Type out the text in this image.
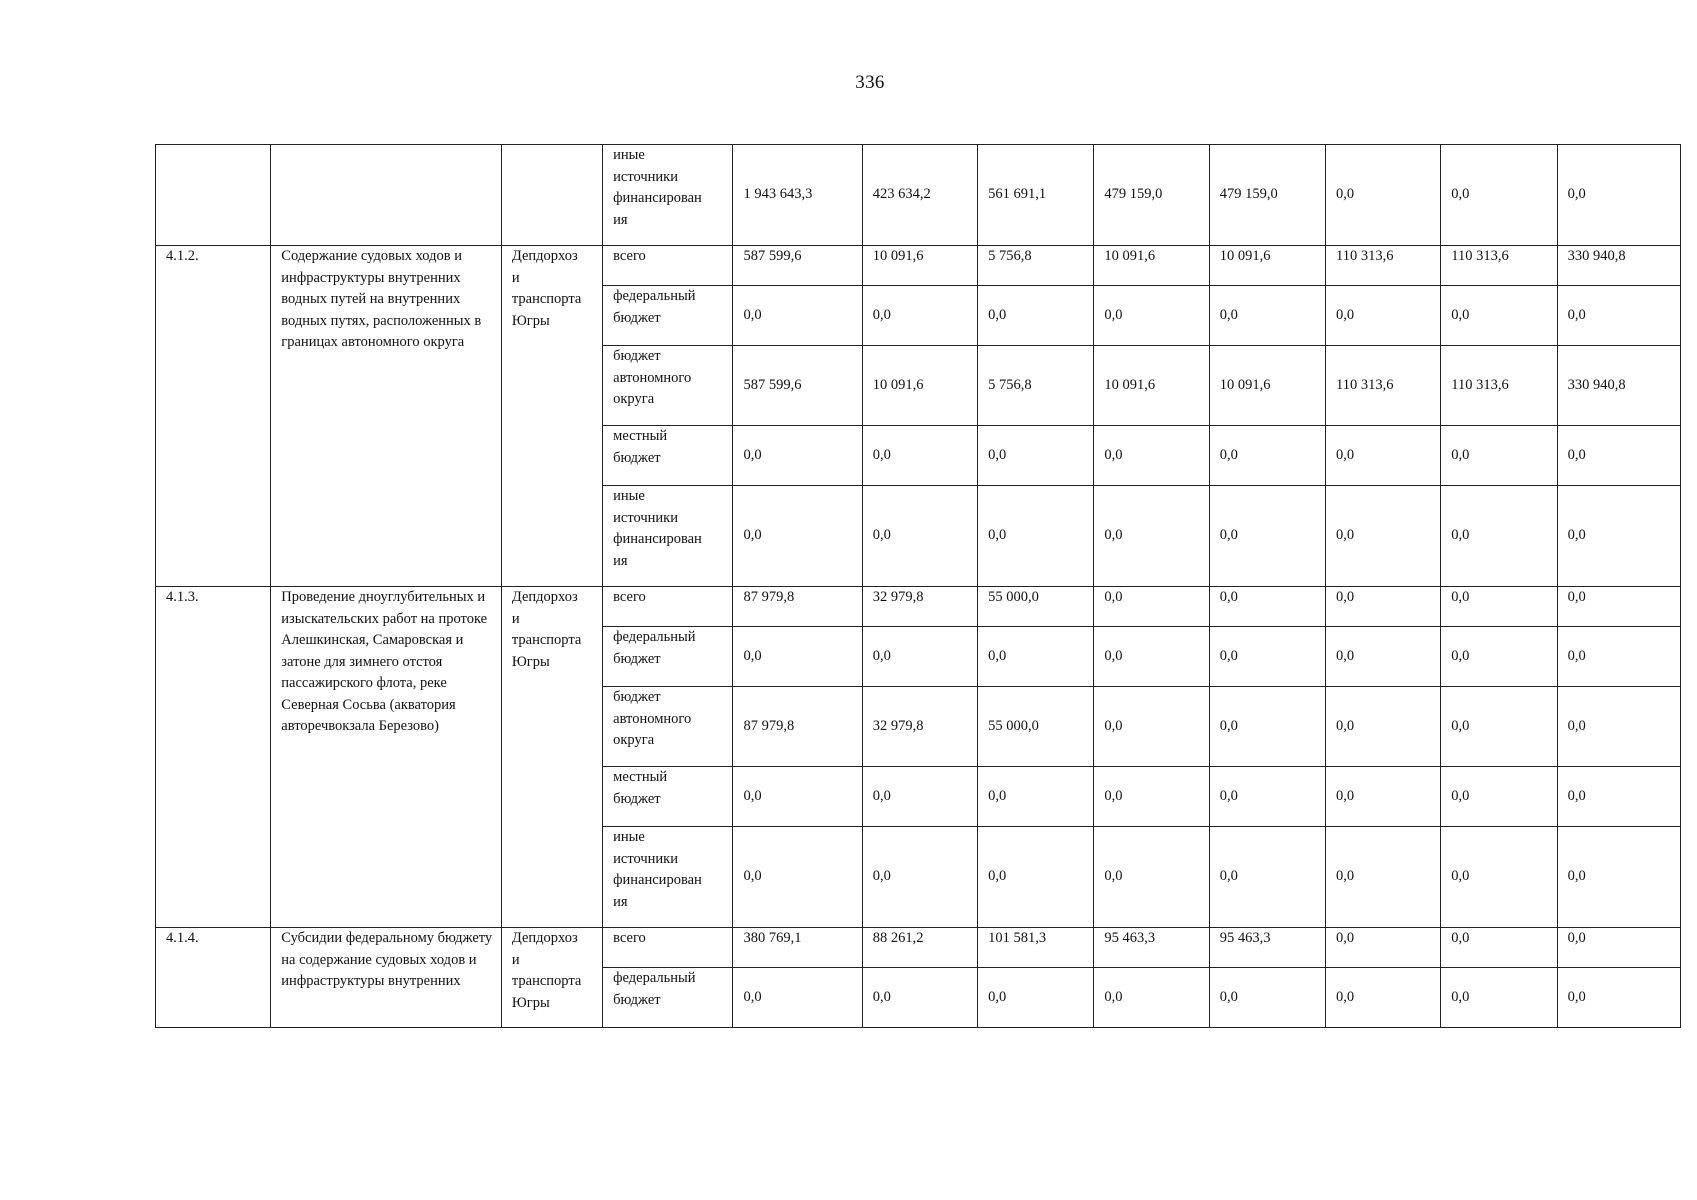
336

			иные
источники
финансирован
ия	1 943 643,3	423 634,2	561 691,1	479 159,0	479 159,0	0,0	0,0	0,0
4.1.2.	Содержание судовых ходов и инфраструктуры внутренних водных путей на внутренних водных путях, расположенных в границах автономного округа	Депдорхоз
и
транспорта
Югры	всего	587 599,6	10 091,6	5 756,8	10 091,6	10 091,6	110 313,6	110 313,6	330 940,8

			федеральный
бюджет	0,0	0,0	0,0	0,0	0,0	0,0	0,0	0,0

			бюджет
автономного
округа	587 599,6	10 091,6	5 756,8	10 091,6	10 091,6	110 313,6	110 313,6	330 940,8

			местный
бюджет	0,0	0,0	0,0	0,0	0,0	0,0	0,0	0,0

			иные
источники
финансирован
ия	0,0	0,0	0,0	0,0	0,0	0,0	0,0	0,0
4.1.3.	Проведение дноуглубительных и изыскательских работ на протоке Алешкинская, Самаровская и затоне для зимнего отстоя пассажирского флота, реке Северная Сосьва (акватория авторечвокзала Березово)	Депдорхоз
и
транспорта
Югры	всего	87 979,8	32 979,8	55 000,0	0,0	0,0	0,0	0,0	0,0

			федеральный
бюджет	0,0	0,0	0,0	0,0	0,0	0,0	0,0	0,0

			бюджет
автономного
округа	87 979,8	32 979,8	55 000,0	0,0	0,0	0,0	0,0	0,0

			местный
бюджет	0,0	0,0	0,0	0,0	0,0	0,0	0,0	0,0

			иные
источники
финансирован
ия	0,0	0,0	0,0	0,0	0,0	0,0	0,0	0,0
4.1.4.	Субсидии федеральному бюджету на содержание судовых ходов и инфраструктуры внутренних	Депдорхоз
и
транспорта
Югры	всего	380 769,1	88 261,2	101 581,3	95 463,3	95 463,3	0,0	0,0	0,0

			федеральный
бюджет	0,0	0,0	0,0	0,0	0,0	0,0	0,0	0,0
